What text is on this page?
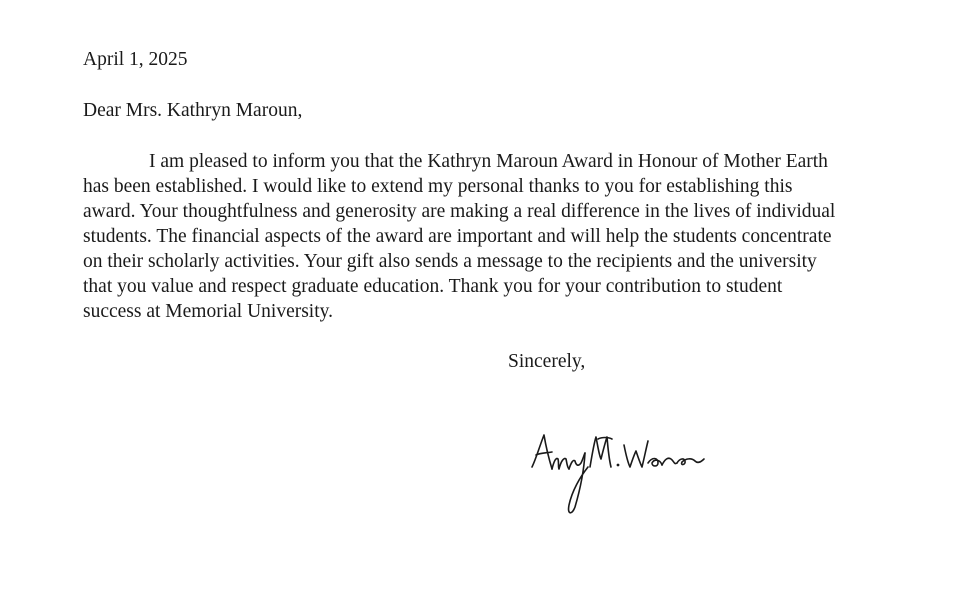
April 1, 2025
Dear Mrs. Kathryn Maroun,
I am pleased to inform you that the Kathryn Maroun Award in Honour of Mother Earth
has been established. I would like to extend my personal thanks to you for establishing this
award. Your thoughtfulness and generosity are making a real difference in the lives of individual
students. The financial aspects of the award are important and will help the students concentrate
on their scholarly activities. Your gift also sends a message to the recipients and the university
that you value and respect graduate education. Thank you for your contribution to student
success at Memorial University.
Sincerely,
